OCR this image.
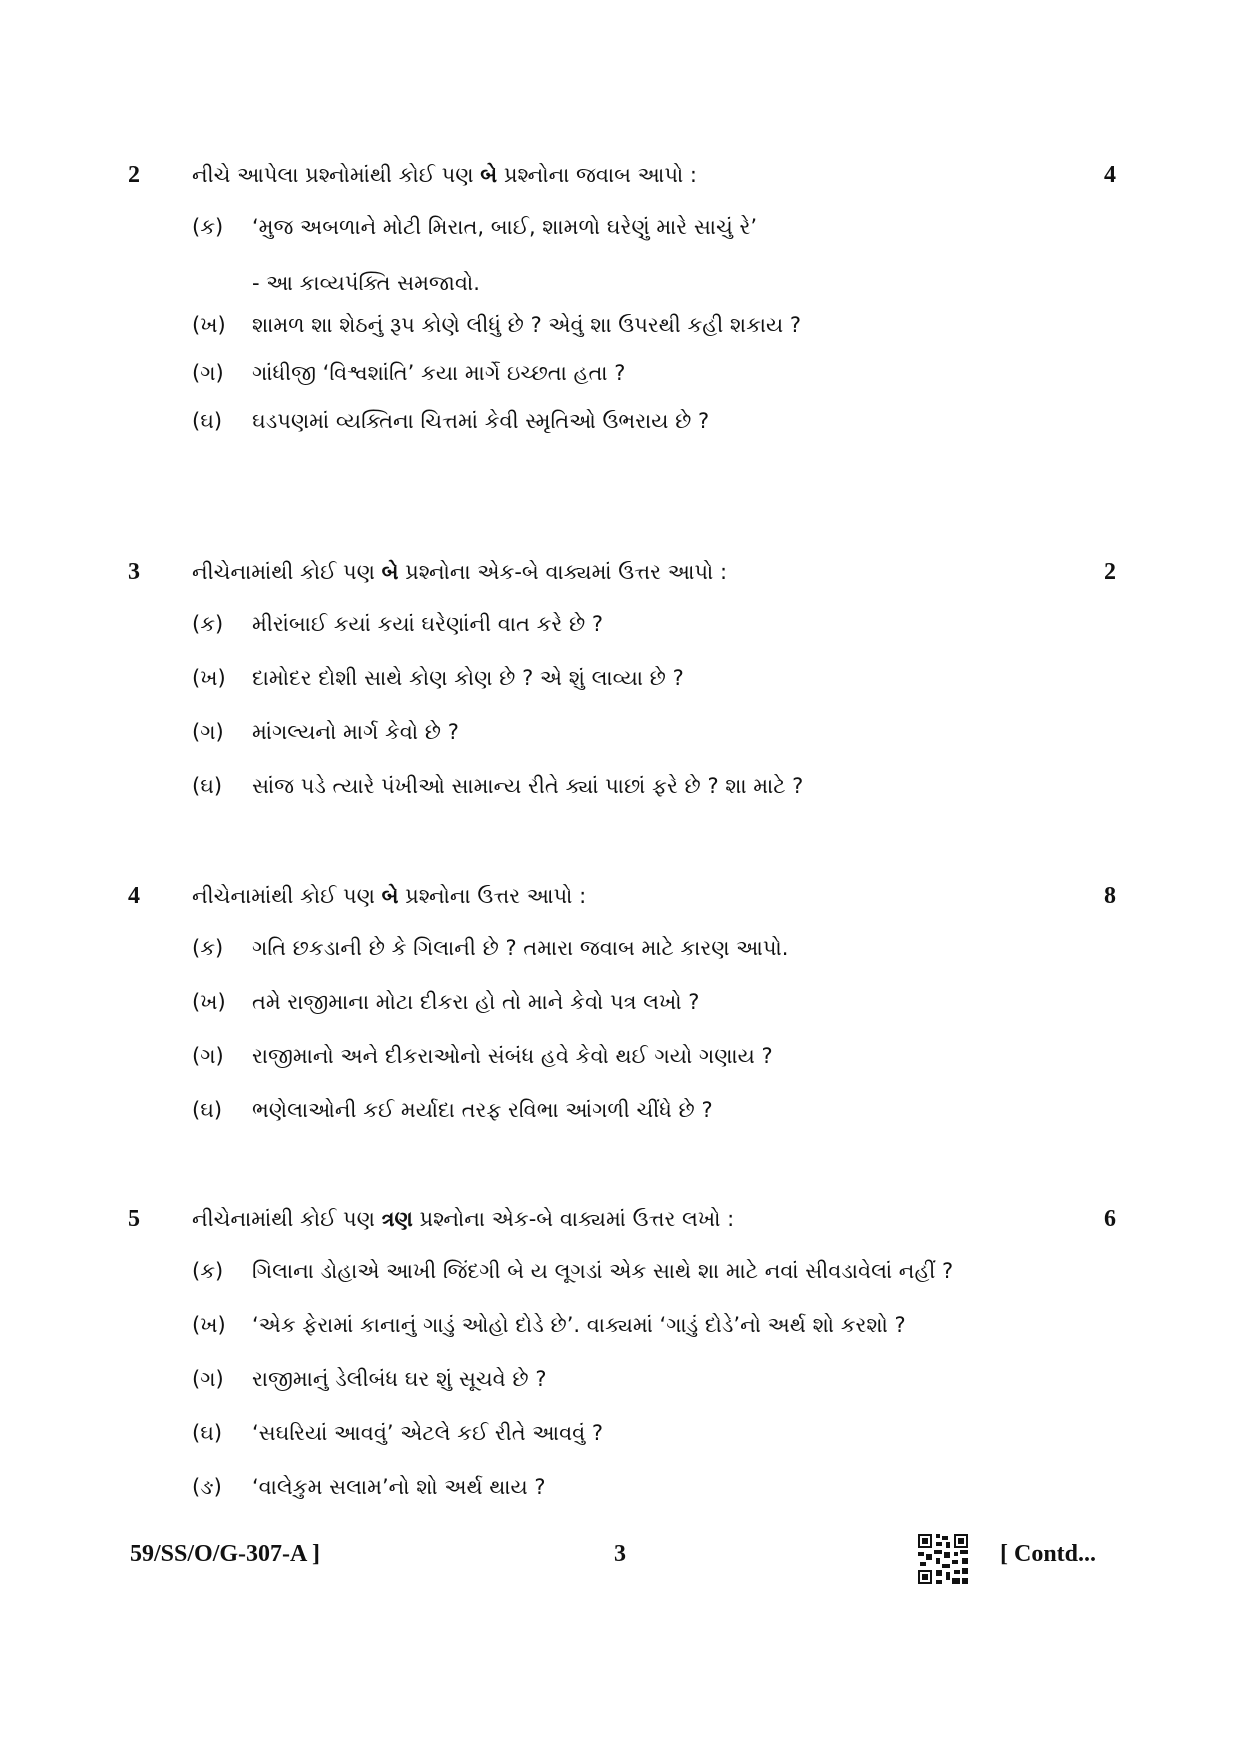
2 નીચે આપેલા પ્રશ્નોમાંથી કોઈ પણ બે પ્રશ્નોના જવાબ આપો :	4
(ક) ‘મુજ અબળાને મોટી મિરાત, બાઈ, શામળો ઘરેણું મારે સાચું રે’
- આ કાવ્યપંક્તિ સમજાવો.
(ખ) શામળ શા શેઠનું રૂપ કોણે લીધું છે ? એવું શા ઉપરથી કહી શકાય ?
(ગ) ગાંધીજી ‘વિશ્વશાંતિ’ કયા માર્ગે ઇચ્છતા હતા ?
(ઘ) ઘડપણમાં વ્યક્તિના ચિત્તમાં કેવી સ્મૃતિઓ ઉભરાય છે ?
3 નીચેનામાંથી કોઈ પણ બે પ્રશ્નોના એક-બે વાક્યમાં ઉત્તર આપો :	2
(ક) મીરાંબાઈ કયાં કયાં ઘરેણાંની વાત કરે છે ?
(ખ) દામોદર દોશી સાથે કોણ કોણ છે ? એ શું લાવ્યા છે ?
(ગ) માંગલ્યનો માર્ગ કેવો છે ?
(ઘ) સાંજ પડે ત્યારે પંખીઓ સામાન્ય રીતે ક્યાં પાછાં ફરે છે ? શા માટે ?
4 નીચેનામાંથી કોઈ પણ બે પ્રશ્નોના ઉત્તર આપો :	8
(ક) ગતિ છકડાની છે કે ગિલાની છે ? તમારા જવાબ માટે કારણ આપો.
(ખ) તમે રાજીમાના મોટા દીકરા હો તો માને કેવો પત્ર લખો ?
(ગ) રાજીમાનો અને દીકરાઓનો સંબંધ હવે કેવો થઈ ગયો ગણાય ?
(ઘ) ભણેલાઓની કઈ મર્યાદા તરફ રવિભા આંગળી ચીંધે છે ?
5 નીચેનામાંથી કોઈ પણ ત્રણ પ્રશ્નોના એક-બે વાક્યમાં ઉત્તર લખો :	6
(ક) ગિલાના ડોહાએ આખી જિંદગી બે ય લૂગડાં એક સાથે શા માટે નવાં સીવડાવેલાં નહીં ?
(ખ) ‘એક ફેરામાં કાનાનું ગાડું ઓહો દોડે છે’. વાક્યમાં ‘ગાડું દોડે’નો અર્થ શો કરશો ?
(ગ) રાજીમાનું ડેલીબંધ ઘર શું સૂચવે છે ?
(ઘ) ‘સઘરિયાં આવવું’ એટલે કઈ રીતે આવવું ?
(ઙ) ‘વાલેકુમ સલામ’નો શો અર્થ થાય ?
59/SS/O/G-307-A ]	3	[ Contd...
